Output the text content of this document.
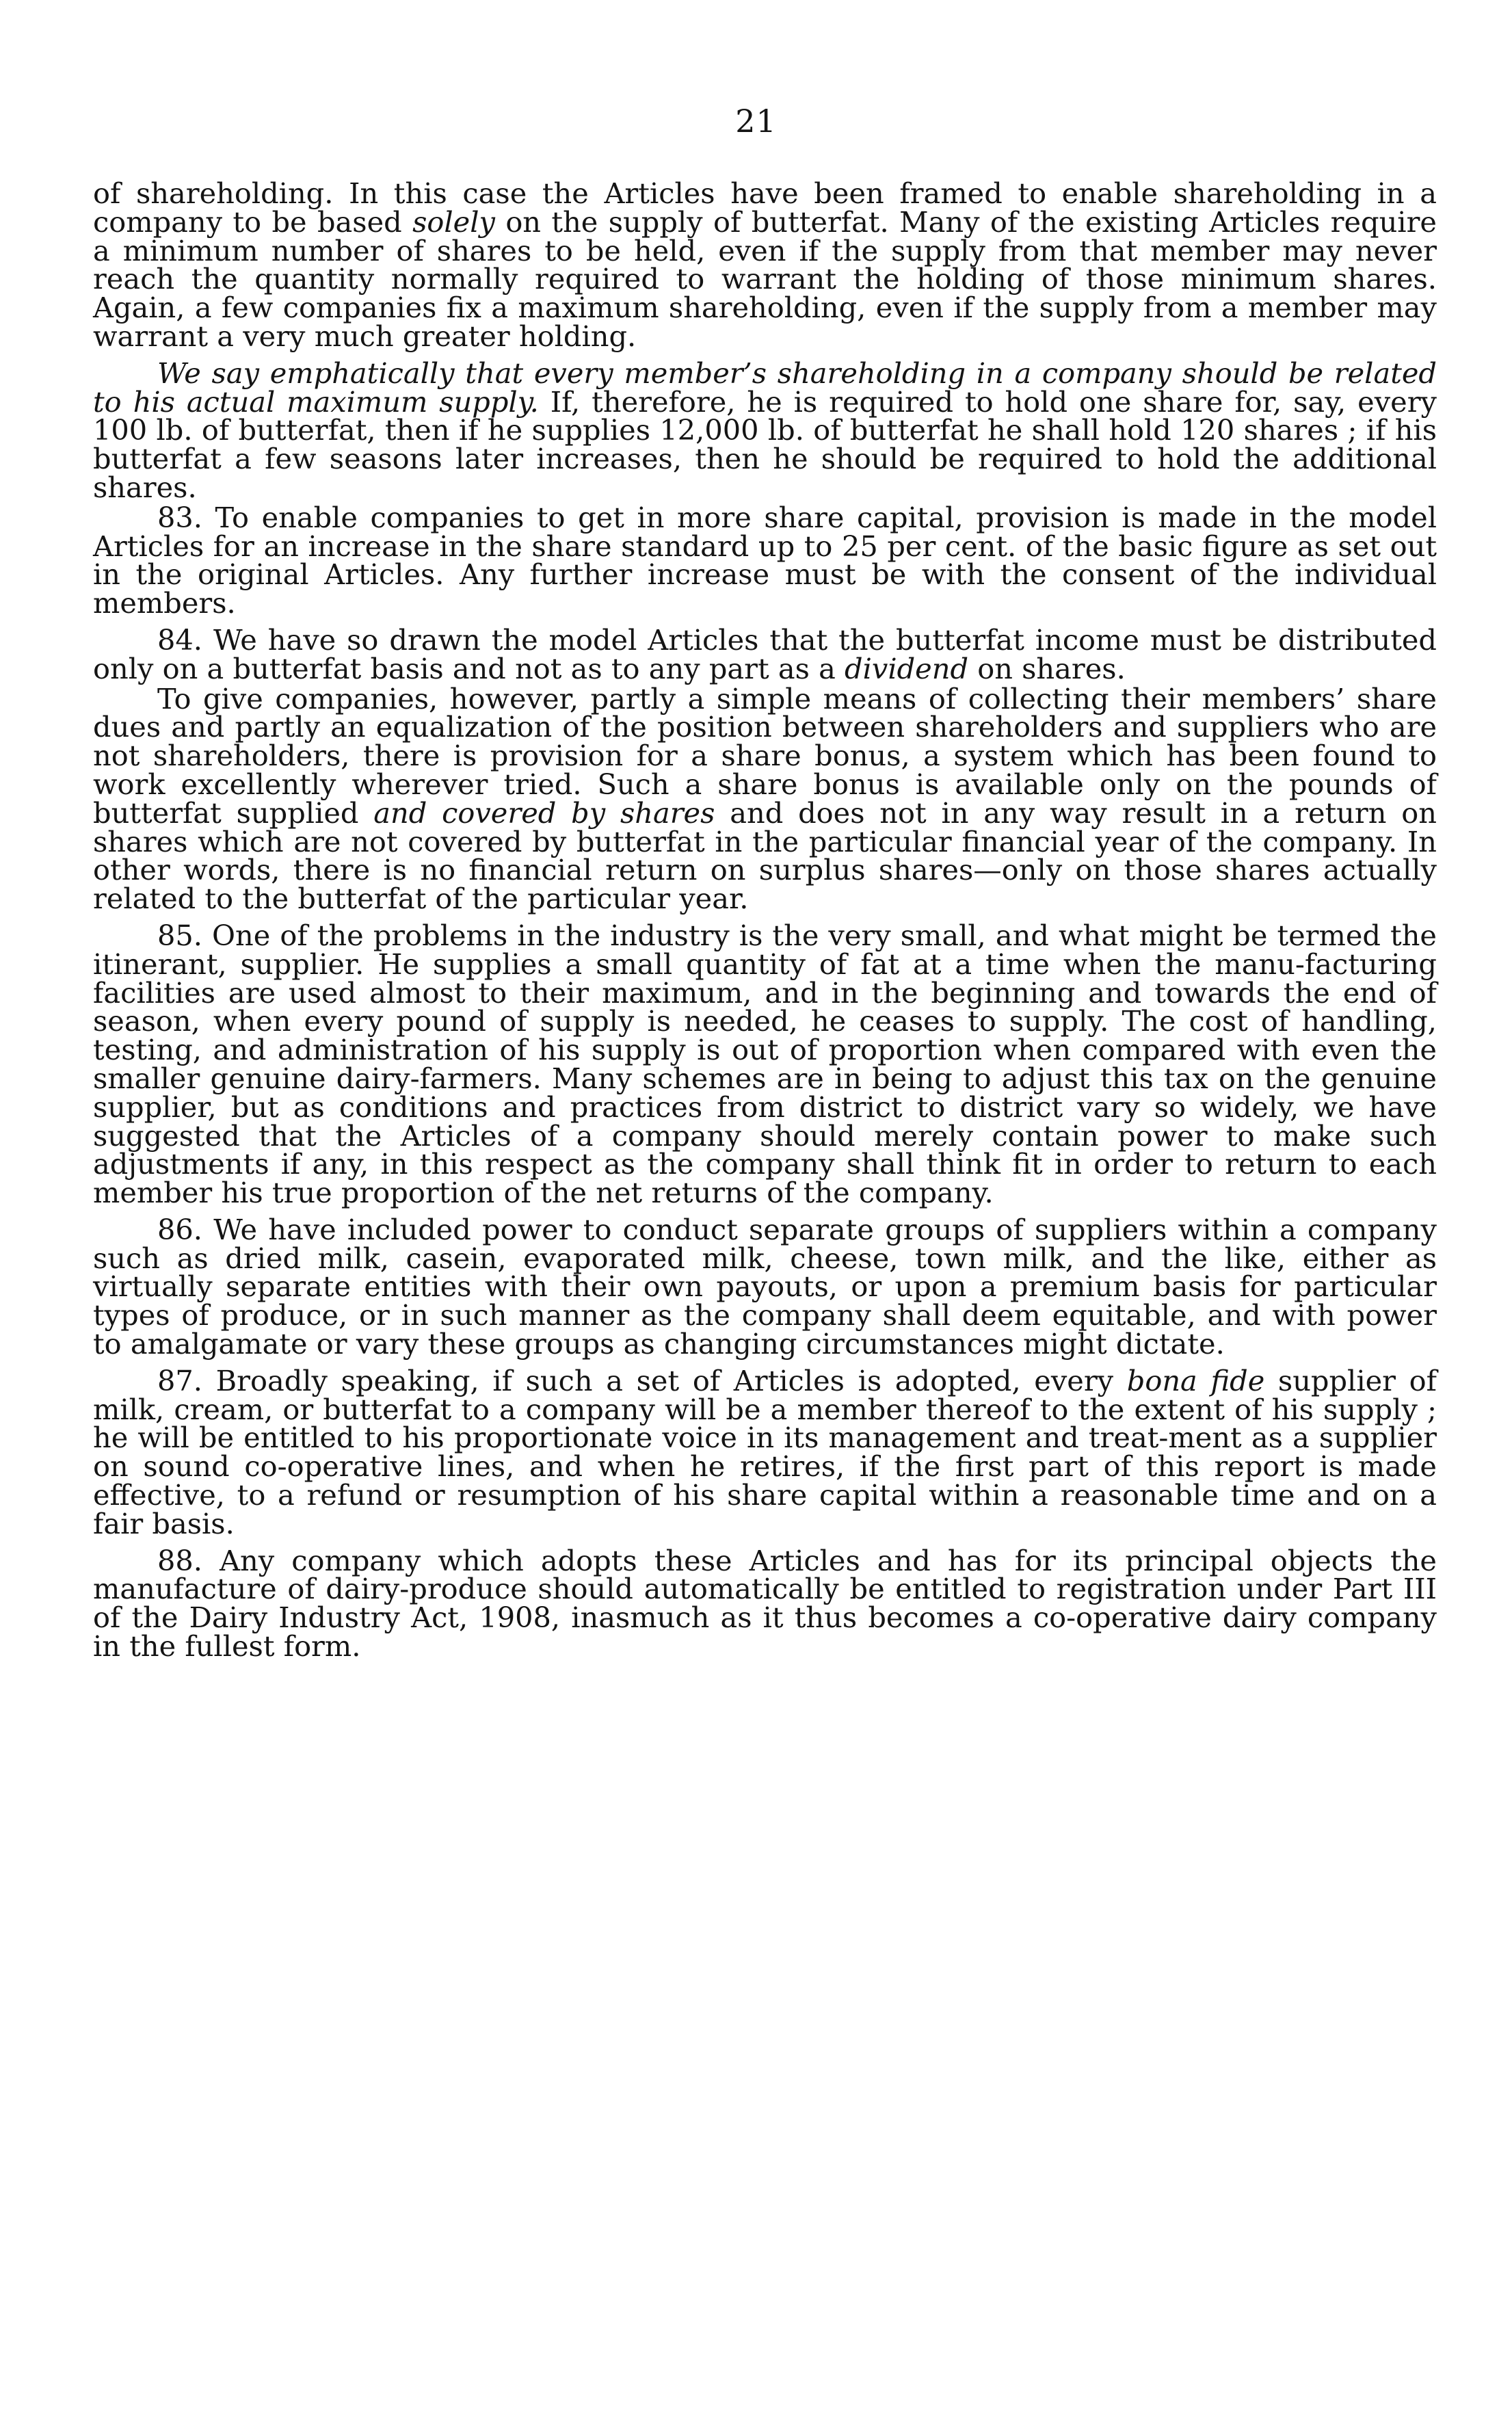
21

of shareholding. In this case the Articles have been framed to enable shareholding in a company to be based solely on the supply of butterfat. Many of the existing Articles require a minimum number of shares to be held, even if the supply from that member may never reach the quantity normally required to warrant the holding of those minimum shares. Again, a few companies fix a maximum shareholding, even if the supply from a member may warrant a very much greater holding.

We say emphatically that every member’s shareholding in a company should be related to his actual maximum supply. If, therefore, he is required to hold one share for, say, every 100 lb. of butterfat, then if he supplies 12,000 lb. of butterfat he shall hold 120 shares ; if his butterfat a few seasons later increases, then he should be required to hold the additional shares.

83. To enable companies to get in more share capital, provision is made in the model Articles for an increase in the share standard up to 25 per cent. of the basic figure as set out in the original Articles. Any further increase must be with the consent of the individual members.

84. We have so drawn the model Articles that the butterfat income must be distributed only on a butterfat basis and not as to any part as a dividend on shares.

To give companies, however, partly a simple means of collecting their members’ share dues and partly an equalization of the position between shareholders and suppliers who are not shareholders, there is provision for a share bonus, a system which has been found to work excellently wherever tried. Such a share bonus is available only on the pounds of butterfat supplied and covered by shares and does not in any way result in a return on shares which are not covered by butterfat in the particular financial year of the company. In other words, there is no financial return on surplus shares—only on those shares actually related to the butterfat of the particular year.

85. One of the problems in the industry is the very small, and what might be termed the itinerant, supplier. He supplies a small quantity of fat at a time when the manu-facturing facilities are used almost to their maximum, and in the beginning and towards the end of season, when every pound of supply is needed, he ceases to supply. The cost of handling, testing, and administration of his supply is out of proportion when compared with even the smaller genuine dairy-farmers. Many schemes are in being to adjust this tax on the genuine supplier, but as conditions and practices from district to district vary so widely, we have suggested that the Articles of a company should merely contain power to make such adjustments if any, in this respect as the company shall think fit in order to return to each member his true proportion of the net returns of the company.

86. We have included power to conduct separate groups of suppliers within a company such as dried milk, casein, evaporated milk, cheese, town milk, and the like, either as virtually separate entities with their own payouts, or upon a premium basis for particular types of produce, or in such manner as the company shall deem equitable, and with power to amalgamate or vary these groups as changing circumstances might dictate.

87. Broadly speaking, if such a set of Articles is adopted, every bona fide supplier of milk, cream, or butterfat to a company will be a member thereof to the extent of his supply ; he will be entitled to his proportionate voice in its management and treat-ment as a supplier on sound co-operative lines, and when he retires, if the first part of this report is made effective, to a refund or resumption of his share capital within a reasonable time and on a fair basis.

88. Any company which adopts these Articles and has for its principal objects the manufacture of dairy-produce should automatically be entitled to registration under Part III of the Dairy Industry Act, 1908, inasmuch as it thus becomes a co-operative dairy company in the fullest form.
